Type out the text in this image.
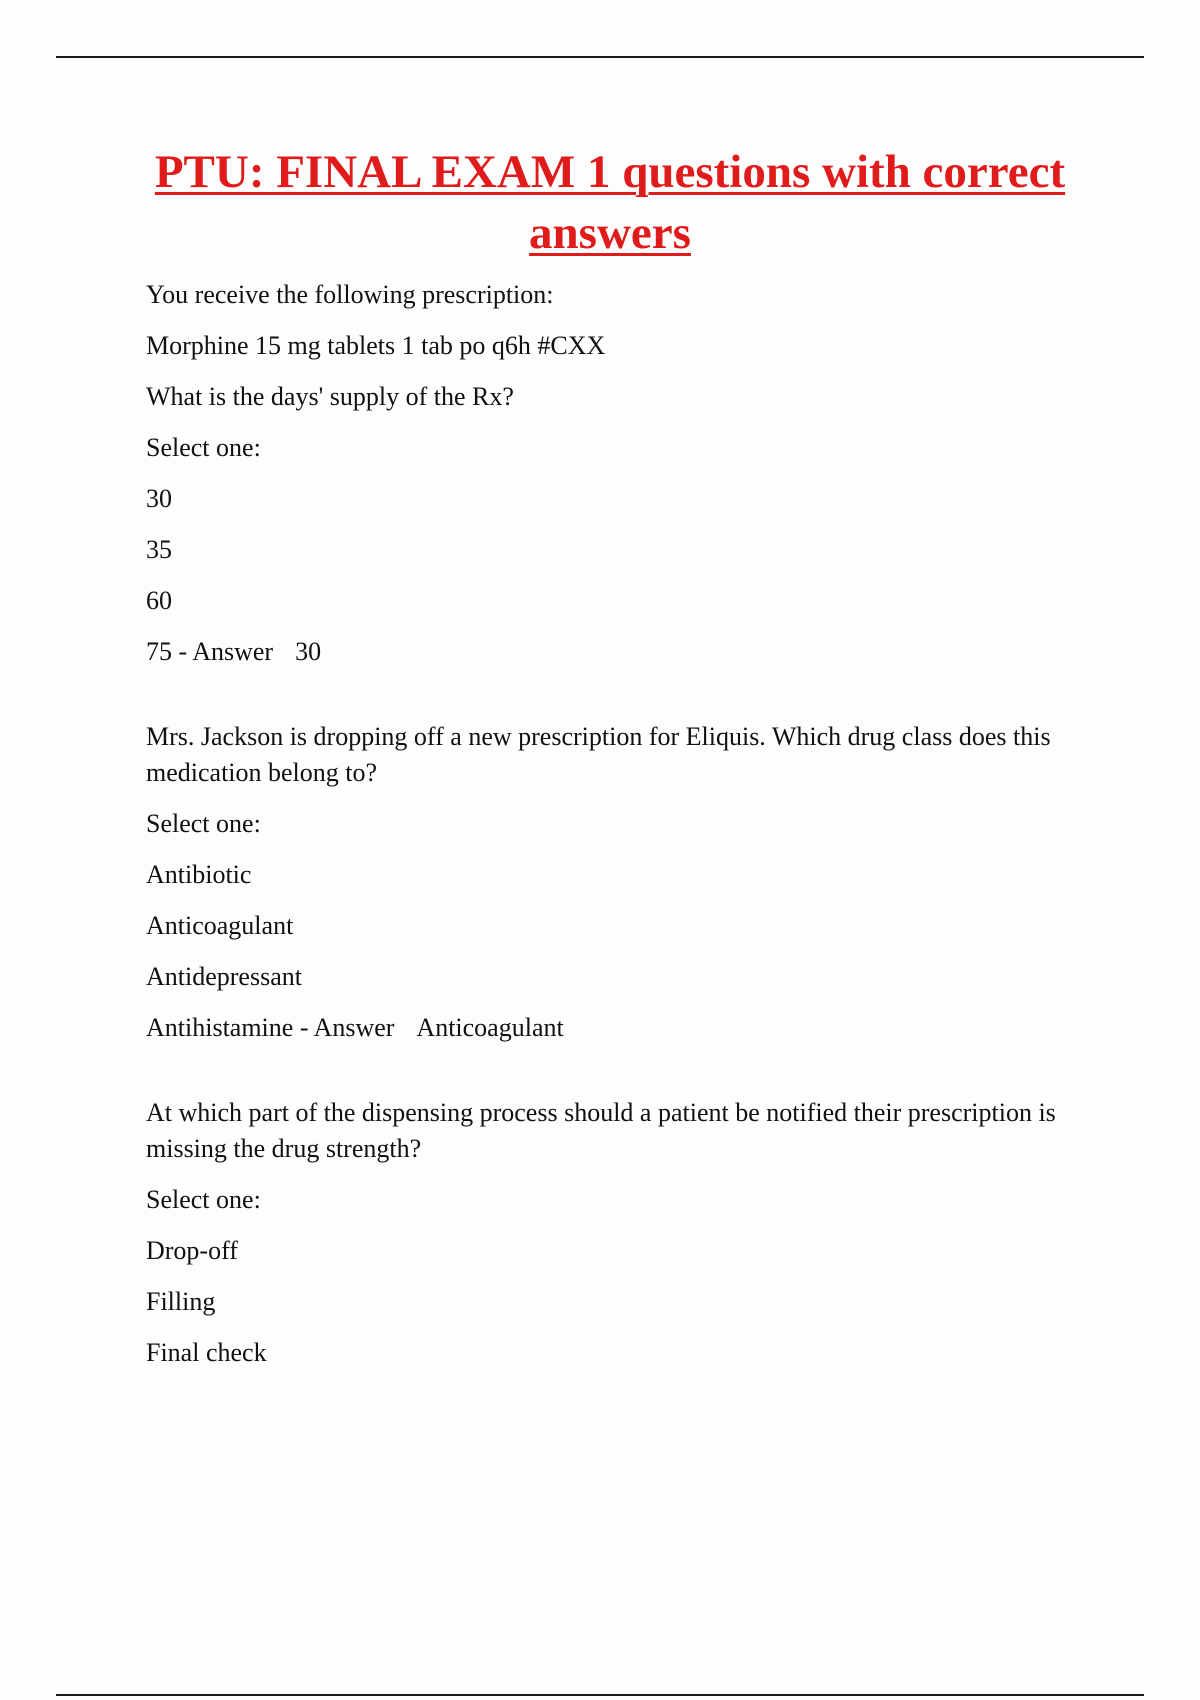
PTU: FINAL EXAM 1 questions with correct answers

You receive the following prescription:

Morphine 15 mg tablets 1 tab po q6h #CXX

What is the days' supply of the Rx?

Select one:

30

35

60

75 - Answer 30

Mrs. Jackson is dropping off a new prescription for Eliquis. Which drug class does this medication belong to?

Select one:

Antibiotic

Anticoagulant

Antidepressant

Antihistamine - Answer Anticoagulant

At which part of the dispensing process should a patient be notified their prescription is missing the drug strength?

Select one:

Drop-off

Filling

Final check
